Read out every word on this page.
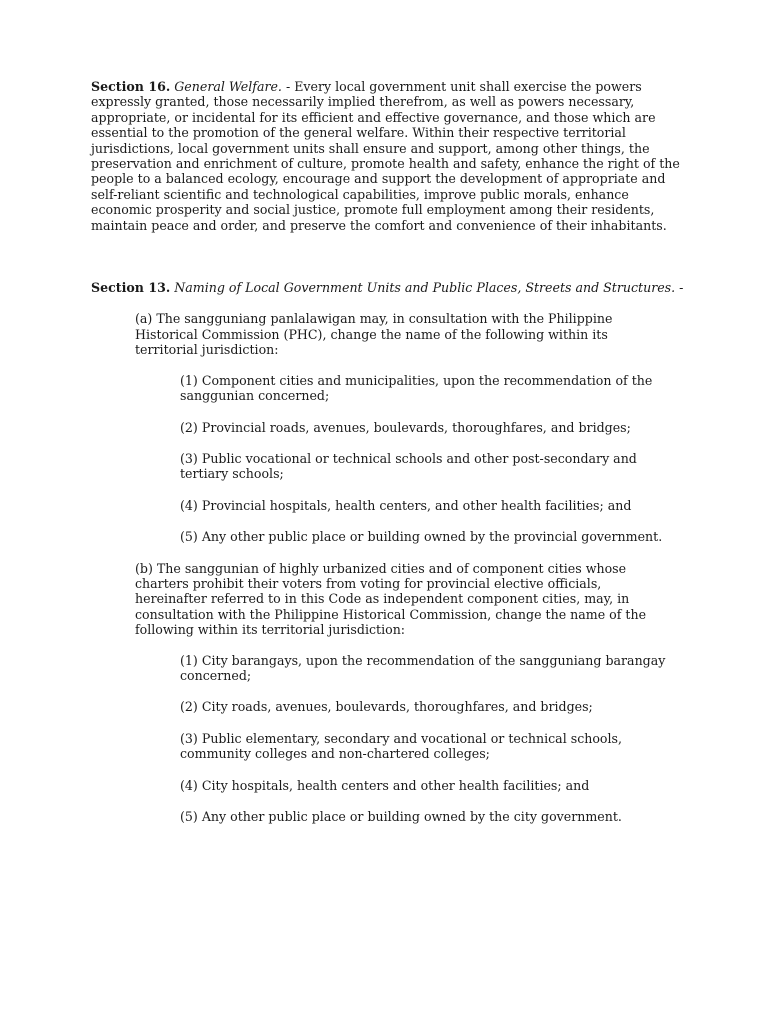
Section 16. General Welfare. - Every local government unit shall exercise the powers expressly granted, those necessarily implied therefrom, as well as powers necessary, appropriate, or incidental for its efficient and effective governance, and those which are essential to the promotion of the general welfare. Within their respective territorial jurisdictions, local government units shall ensure and support, among other things, the preservation and enrichment of culture, promote health and safety, enhance the right of the people to a balanced ecology, encourage and support the development of appropriate and self-reliant scientific and technological capabilities, improve public morals, enhance economic prosperity and social justice, promote full employment among their residents, maintain peace and order, and preserve the comfort and convenience of their inhabitants.

Section 13. Naming of Local Government Units and Public Places, Streets and Structures. -

(a) The sangguniang panlalawigan may, in consultation with the Philippine Historical Commission (PHC), change the name of the following within its territorial jurisdiction:

(1) Component cities and municipalities, upon the recommendation of the sanggunian concerned;

(2) Provincial roads, avenues, boulevards, thoroughfares, and bridges;

(3) Public vocational or technical schools and other post-secondary and tertiary schools;

(4) Provincial hospitals, health centers, and other health facilities; and

(5) Any other public place or building owned by the provincial government.

(b) The sanggunian of highly urbanized cities and of component cities whose charters prohibit their voters from voting for provincial elective officials, hereinafter referred to in this Code as independent component cities, may, in consultation with the Philippine Historical Commission, change the name of the following within its territorial jurisdiction:

(1) City barangays, upon the recommendation of the sangguniang barangay concerned;

(2) City roads, avenues, boulevards, thoroughfares, and bridges;

(3) Public elementary, secondary and vocational or technical schools, community colleges and non-chartered colleges;

(4) City hospitals, health centers and other health facilities; and

(5) Any other public place or building owned by the city government.
